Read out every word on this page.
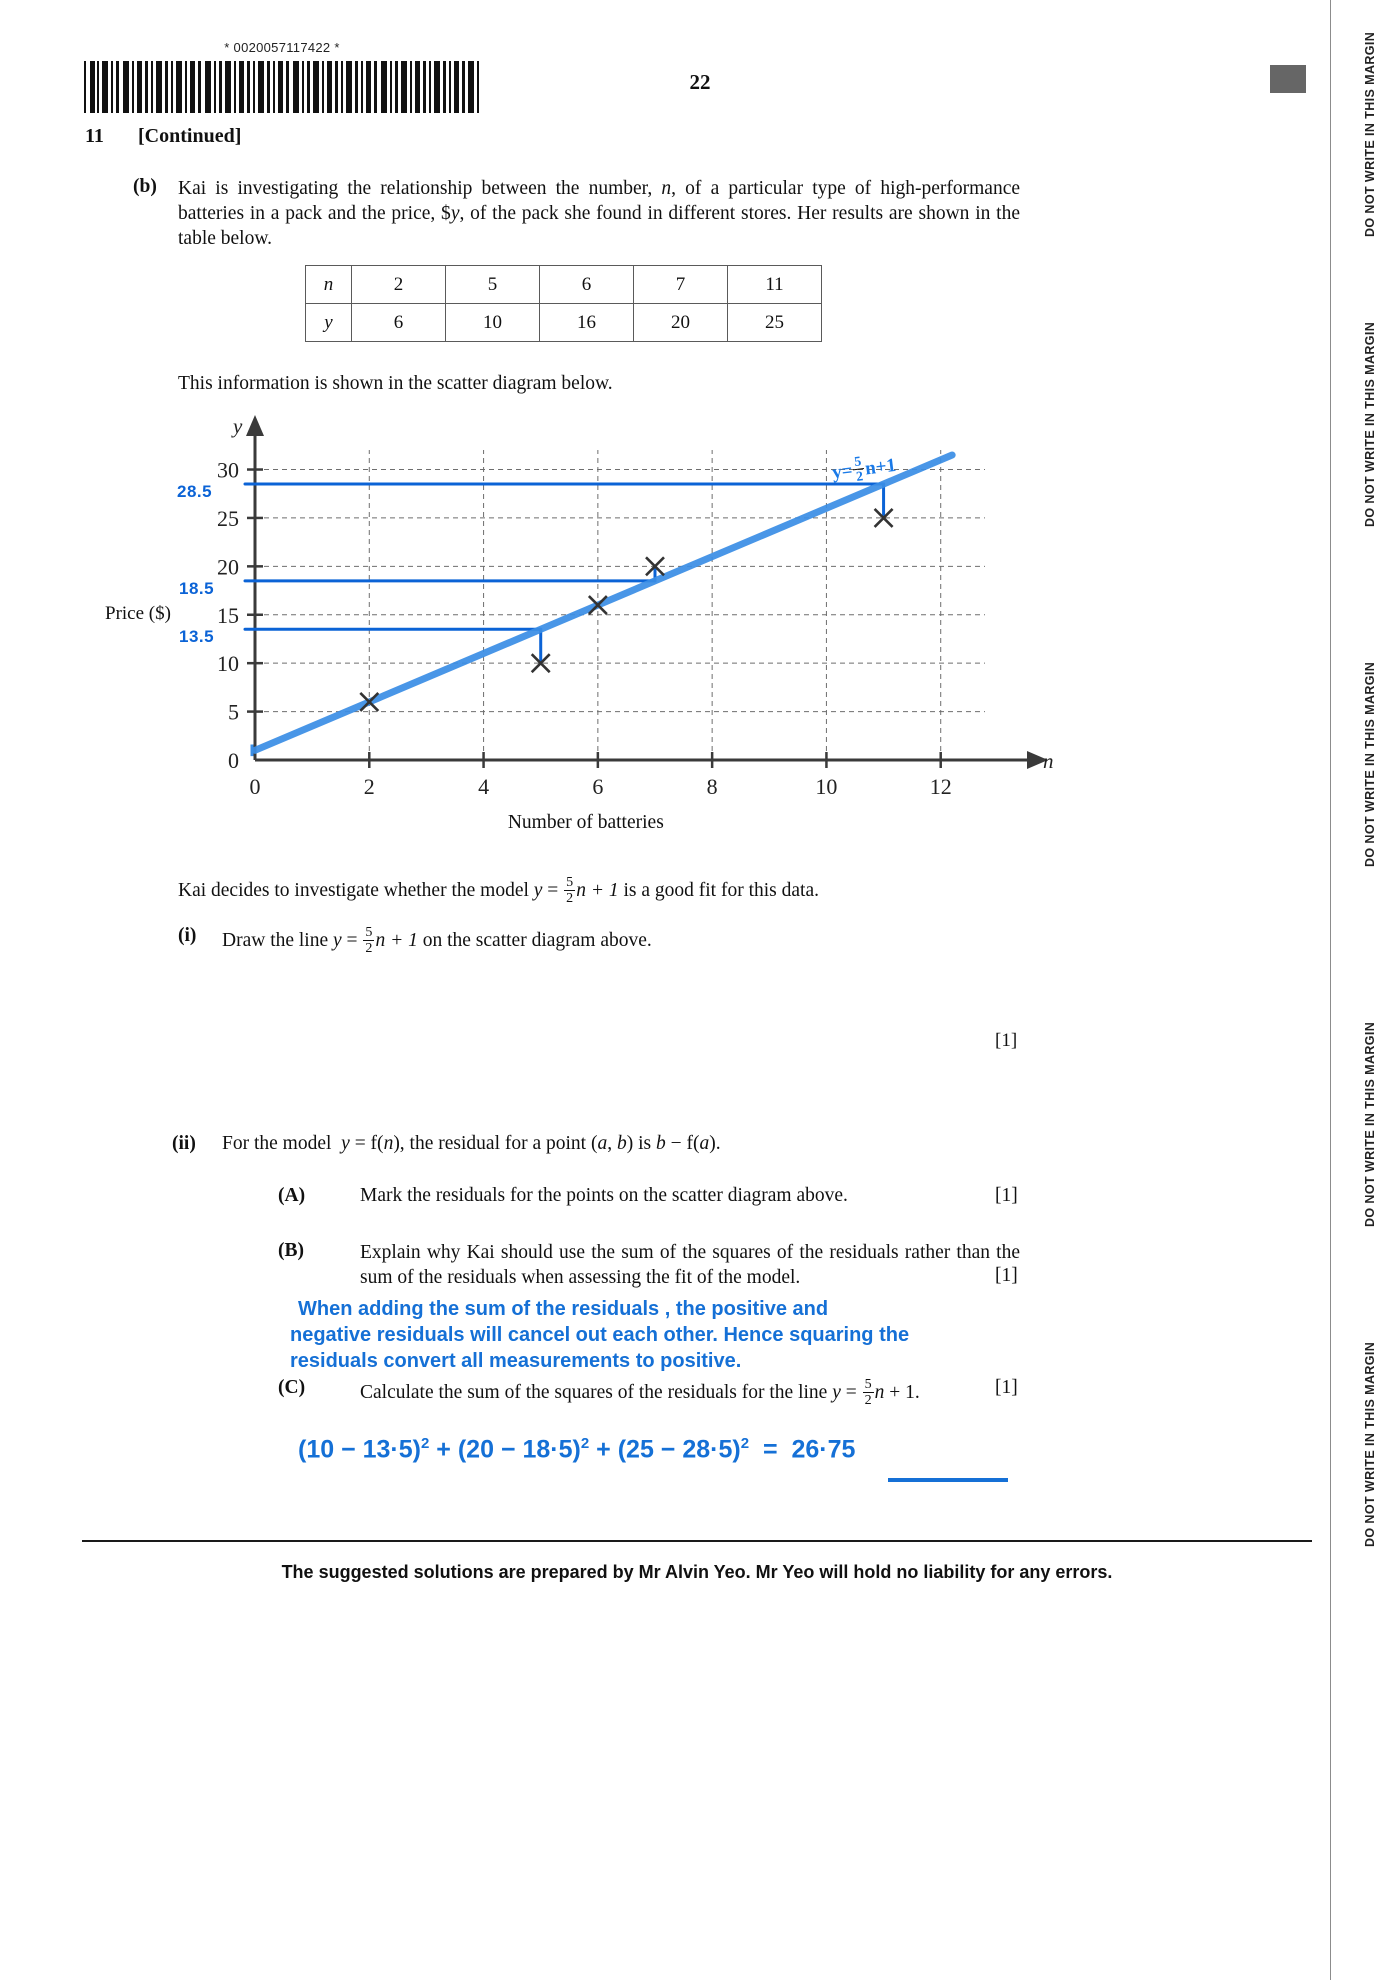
* 0020057117422 *
22	DO NOT WRITE IN THIS MARGIN
DO NOT WRITE IN THIS MARGIN
DO NOT WRITE IN THIS MARGIN
DO NOT WRITE IN THIS MARGIN
DO NOT WRITE IN THIS MARGIN
11 [Continued]
(b) Kai is investigating the relationship between the number, n, of a particular type of high-performance batteries in a pack and the price, $y, of the pack she found in different stores. Her results are shown in the table below.
n	2	5	6	7	11
y	6	10	16	20	25
This information is shown in the scatter diagram below.
Price ($)
Number of batteries
28.5
18.5
13.5
y=
$\frac{5}{2}$
n+1
y
n
0
5
10
15
20
25
30
0	2	4	6	8	10	12
Kai decides to investigate whether the model $y = \frac{5}{2}$ n + 1 is a good fit for this data.
(i) Draw the line $y = \frac{5}{2}$ n + 1 on the scatter diagram above.
[1]
(ii) For the model  y = f(n), the residual for a point (a, b) is b − f(a).
(A)	Mark the residuals for the points on the scatter diagram above.	[1]
(B)	Explain why Kai should use the sum of the squares of the residuals rather than the sum of the residuals when assessing the fit of the model.	[1]
When adding the sum of the residuals , the positive and
negative residuals will cancel out each other. Hence squaring the
residuals convert all measurements to positive.
(C)	Calculate the sum of the squares of the residuals for the line $y = \frac{5}{2}$ n + 1.	[1]
$(10 - 13\cdot 5)^2 + (20 - 18\cdot 5)^2 + (25 - 28\cdot 5)^2 = 26\cdot 75$
The suggested solutions are prepared by Mr Alvin Yeo. Mr Yeo will hold no liability for any errors.
